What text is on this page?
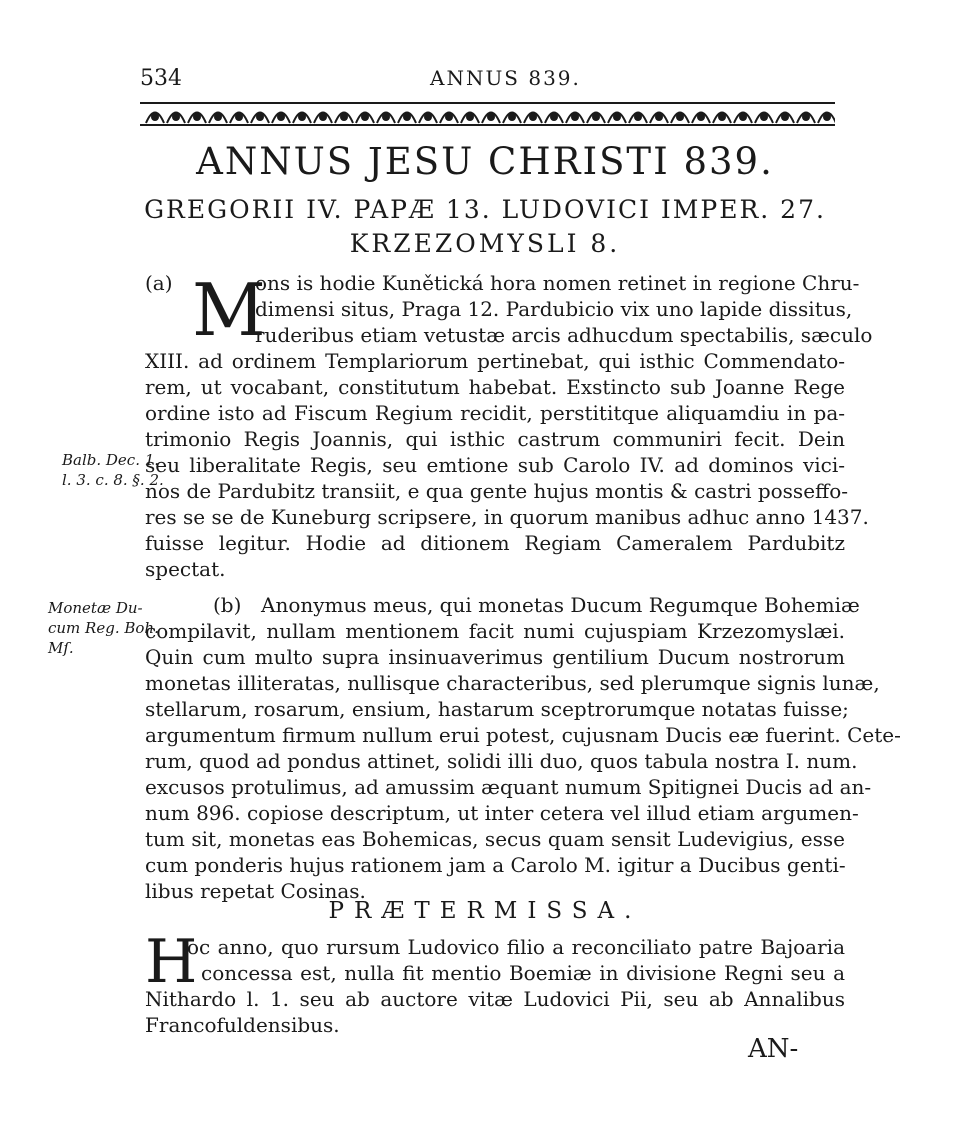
534	ANNUS 839.
ANNUS JESU CHRISTI 839.
GREGORII IV. PAPÆ 13. LUDOVICI IMPER. 27.
KRZEZOMYSLI 8.
M
(a)	ons is hodie Kunětická hora nomen retinet in regione Chru-
dimensi situs, Praga 12. Pardubicio vix uno lapide dissitus,
ruderibus etiam vetustæ arcis adhucdum spectabilis, sæculo
XIII. ad ordinem Templariorum pertinebat, qui isthic Commendato-
rem, ut vocabant, constitutum habebat. Exstincto sub Joanne Rege
ordine isto ad Fiscum Regium recidit, perstititque aliquamdiu in pa-
trimonio Regis Joannis, qui isthic castrum communiri fecit. Dein
seu liberalitate Regis, seu emtione sub Carolo IV. ad dominos vici-
nos de Pardubitz transiit, e qua gente hujus montis & castri posseffo-
res se se de Kuneburg scripsere, in quorum manibus adhuc anno 1437.
fuisse legitur. Hodie ad ditionem Regiam Cameralem Pardubitz
spectat.
Balb. Dec. 1.
l. 3. c. 8. §. 2.
(b) Anonymus meus, qui monetas Ducum Regumque Bohemiæ
compilavit, nullam mentionem facit numi cujuspiam Krzezomyslæi.
Quin cum multo supra insinuaverimus gentilium Ducum nostrorum
monetas illiteratas, nullisque characteribus, sed plerumque signis lunæ,
stellarum, rosarum, ensium, hastarum sceptrorumque notatas fuisse;
argumentum firmum nullum erui potest, cujusnam Ducis eæ fuerint. Cete-
rum, quod ad pondus attinet, solidi illi duo, quos tabula nostra I. num.
excusos protulimus, ad amussim æquant numum Spitignei Ducis ad an-
num 896. copiose descriptum, ut inter cetera vel illud etiam argumen-
tum sit, monetas eas Bohemicas, secus quam sensit Ludevigius, esse
cum ponderis hujus rationem jam a Carolo M. igitur a Ducibus genti-
libus repetat Cosinas.
Monetæ Du-
cum Reg. Boh.
Mſ.
PRÆTERMISSA.
H
oc anno, quo rursum Ludovico filio a reconciliato patre Bajoaria
concessa est, nulla fit mentio Boemiæ in divisione Regni seu a
Nithardo l. 1. seu ab auctore vitæ Ludovici Pii, seu ab Annalibus
Francofuldensibus.
AN-
